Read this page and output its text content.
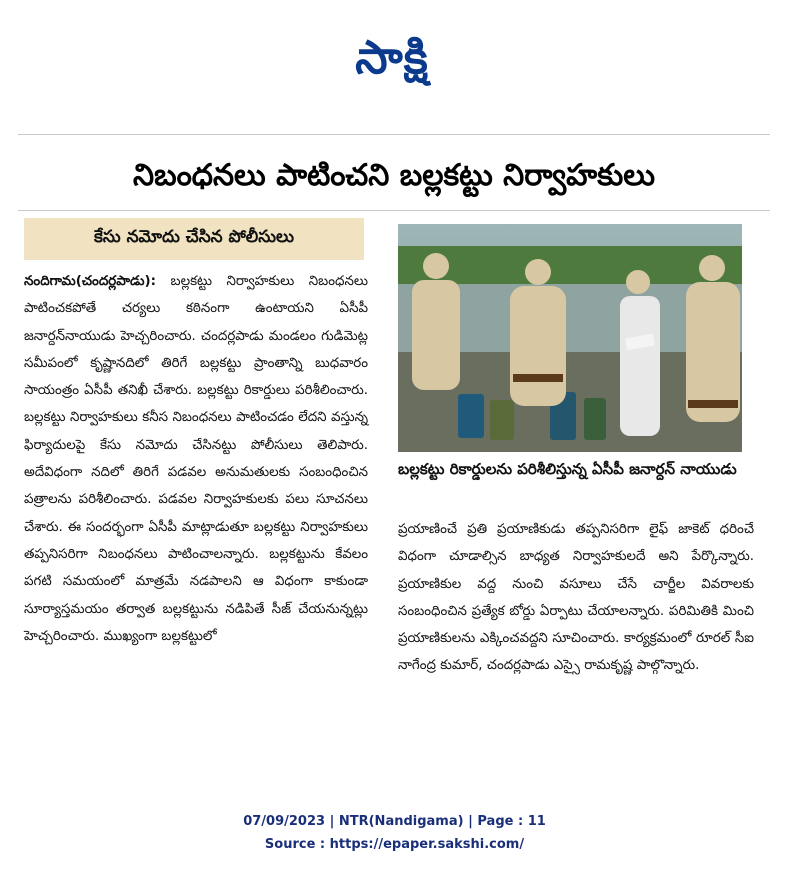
సాక్షి
నిబంధనలు పాటించని బల్లకట్టు నిర్వాహకులు
కేసు నమోదు చేసిన పోలీసులు

నందిగామ(చందర్లపాడు): బల్లకట్టు నిర్వాహకులు నిబంధనలు పాటించకపోతే చర్యలు కఠినంగా ఉంటాయని ఏసీపీ జనార్దన్‌నాయుడు హెచ్చరించారు. చందర్లపాడు మండలం గుడిమెట్ల సమీపంలో కృష్ణానదిలో తిరిగే బల్లకట్టు ప్రాంతాన్ని బుధవారం సాయంత్రం ఏసీపీ తనిఖీ చేశారు. బల్లకట్టు రికార్డులు పరిశీలించారు. బల్లకట్టు నిర్వాహకులు కనీస నిబంధనలు పాటించడం లేదని వస్తున్న ఫిర్యాదులపై కేసు నమోదు చేసినట్టు పోలీసులు తెలిపారు. అదేవిధంగా నదిలో తిరిగే పడవల అనుమతులకు సంబంధించిన పత్రాలను పరిశీలించారు. పడవల నిర్వాహకులకు పలు సూచనలు చేశారు. ఈ సందర్భంగా ఏసీపీ మాట్లాడుతూ బల్లకట్టు నిర్వాహకులు తప్పనిసరిగా నిబంధనలు పాటించాలన్నారు. బల్లకట్టును కేవలం పగటి సమయంలో మాత్రమే నడపాలని ఆ విధంగా కాకుండా సూర్యాస్తమయం తర్వాత బల్లకట్టును నడిపితే సీజ్ చేయనున్నట్లు హెచ్చరించారు. ముఖ్యంగా బల్లకట్టులో

బల్లకట్టు రికార్డులను పరిశీలిస్తున్న ఏసీపీ జనార్దన్ నాయుడు

ప్రయాణించే ప్రతి ప్రయాణికుడు తప్పనిసరిగా లైఫ్ జాకెట్ ధరించే విధంగా చూడాల్సిన బాధ్యత నిర్వాహకులదే అని పేర్కొన్నారు. ప్రయాణికుల వద్ద నుంచి వసూలు చేసే చార్జీల వివరాలకు సంబంధించిన ప్రత్యేక బోర్డు ఏర్పాటు చేయాలన్నారు. పరిమితికి మించి ప్రయాణికులను ఎక్కించవద్దని సూచించారు. కార్యక్రమంలో రూరల్ సీఐ నాగేంద్ర కుమార్, చందర్లపాడు ఎస్సై రామకృష్ణ పాల్గొన్నారు.

07/09/2023 | NTR(Nandigama) | Page : 11
Source : https://epaper.sakshi.com/
